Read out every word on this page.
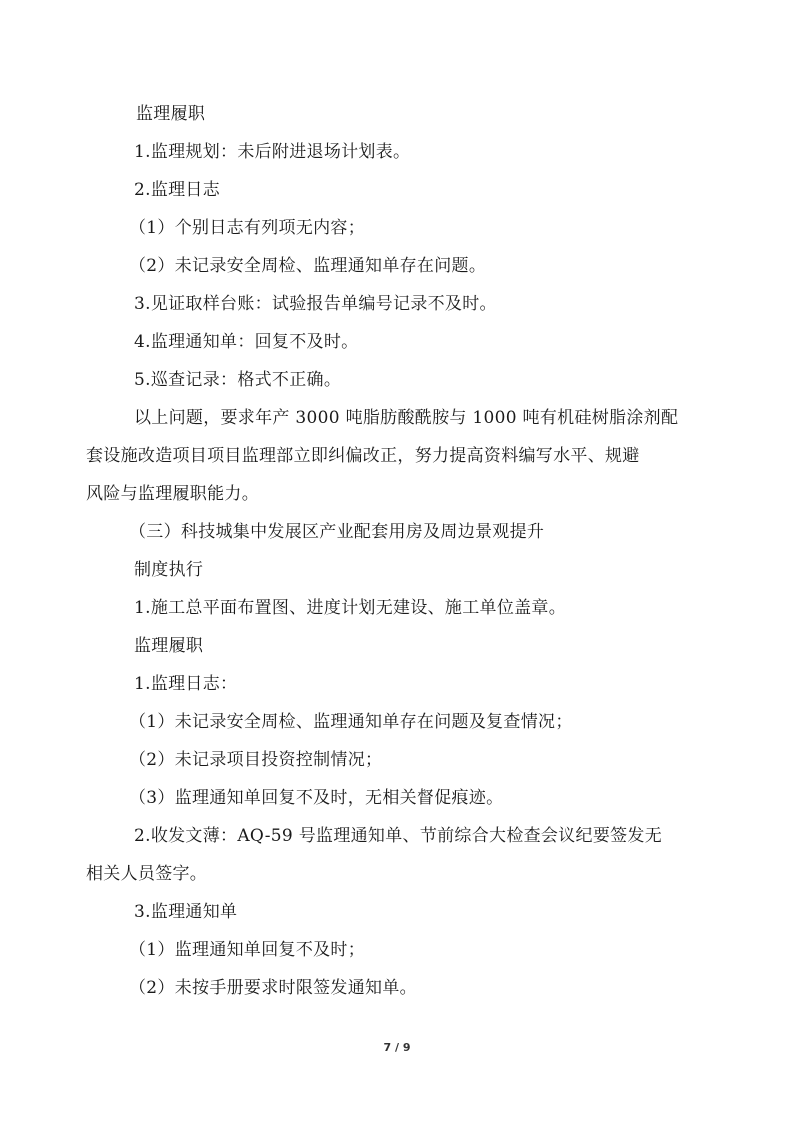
监理履职
1.监理规划：未后附进退场计划表。
2.监理日志
（1）个别日志有列项无内容；
（2）未记录安全周检、监理通知单存在问题。
3.见证取样台账：试验报告单编号记录不及时。
4.监理通知单：回复不及时。
5.巡查记录：格式不正确。
以上问题，要求年产 3000 吨脂肪酸酰胺与 1000 吨有机硅树脂涂剂配
套设施改造项目项目监理部立即纠偏改正，努力提高资料编写水平、规避
风险与监理履职能力。
（三）科技城集中发展区产业配套用房及周边景观提升
制度执行
1.施工总平面布置图、进度计划无建设、施工单位盖章。
监理履职
1.监理日志：
（1）未记录安全周检、监理通知单存在问题及复查情况；
（2）未记录项目投资控制情况；
（3）监理通知单回复不及时，无相关督促痕迹。
2.收发文薄：AQ-59 号监理通知单、节前综合大检查会议纪要签发无
相关人员签字。
3.监理通知单
（1）监理通知单回复不及时；
（2）未按手册要求时限签发通知单。
7 / 9
